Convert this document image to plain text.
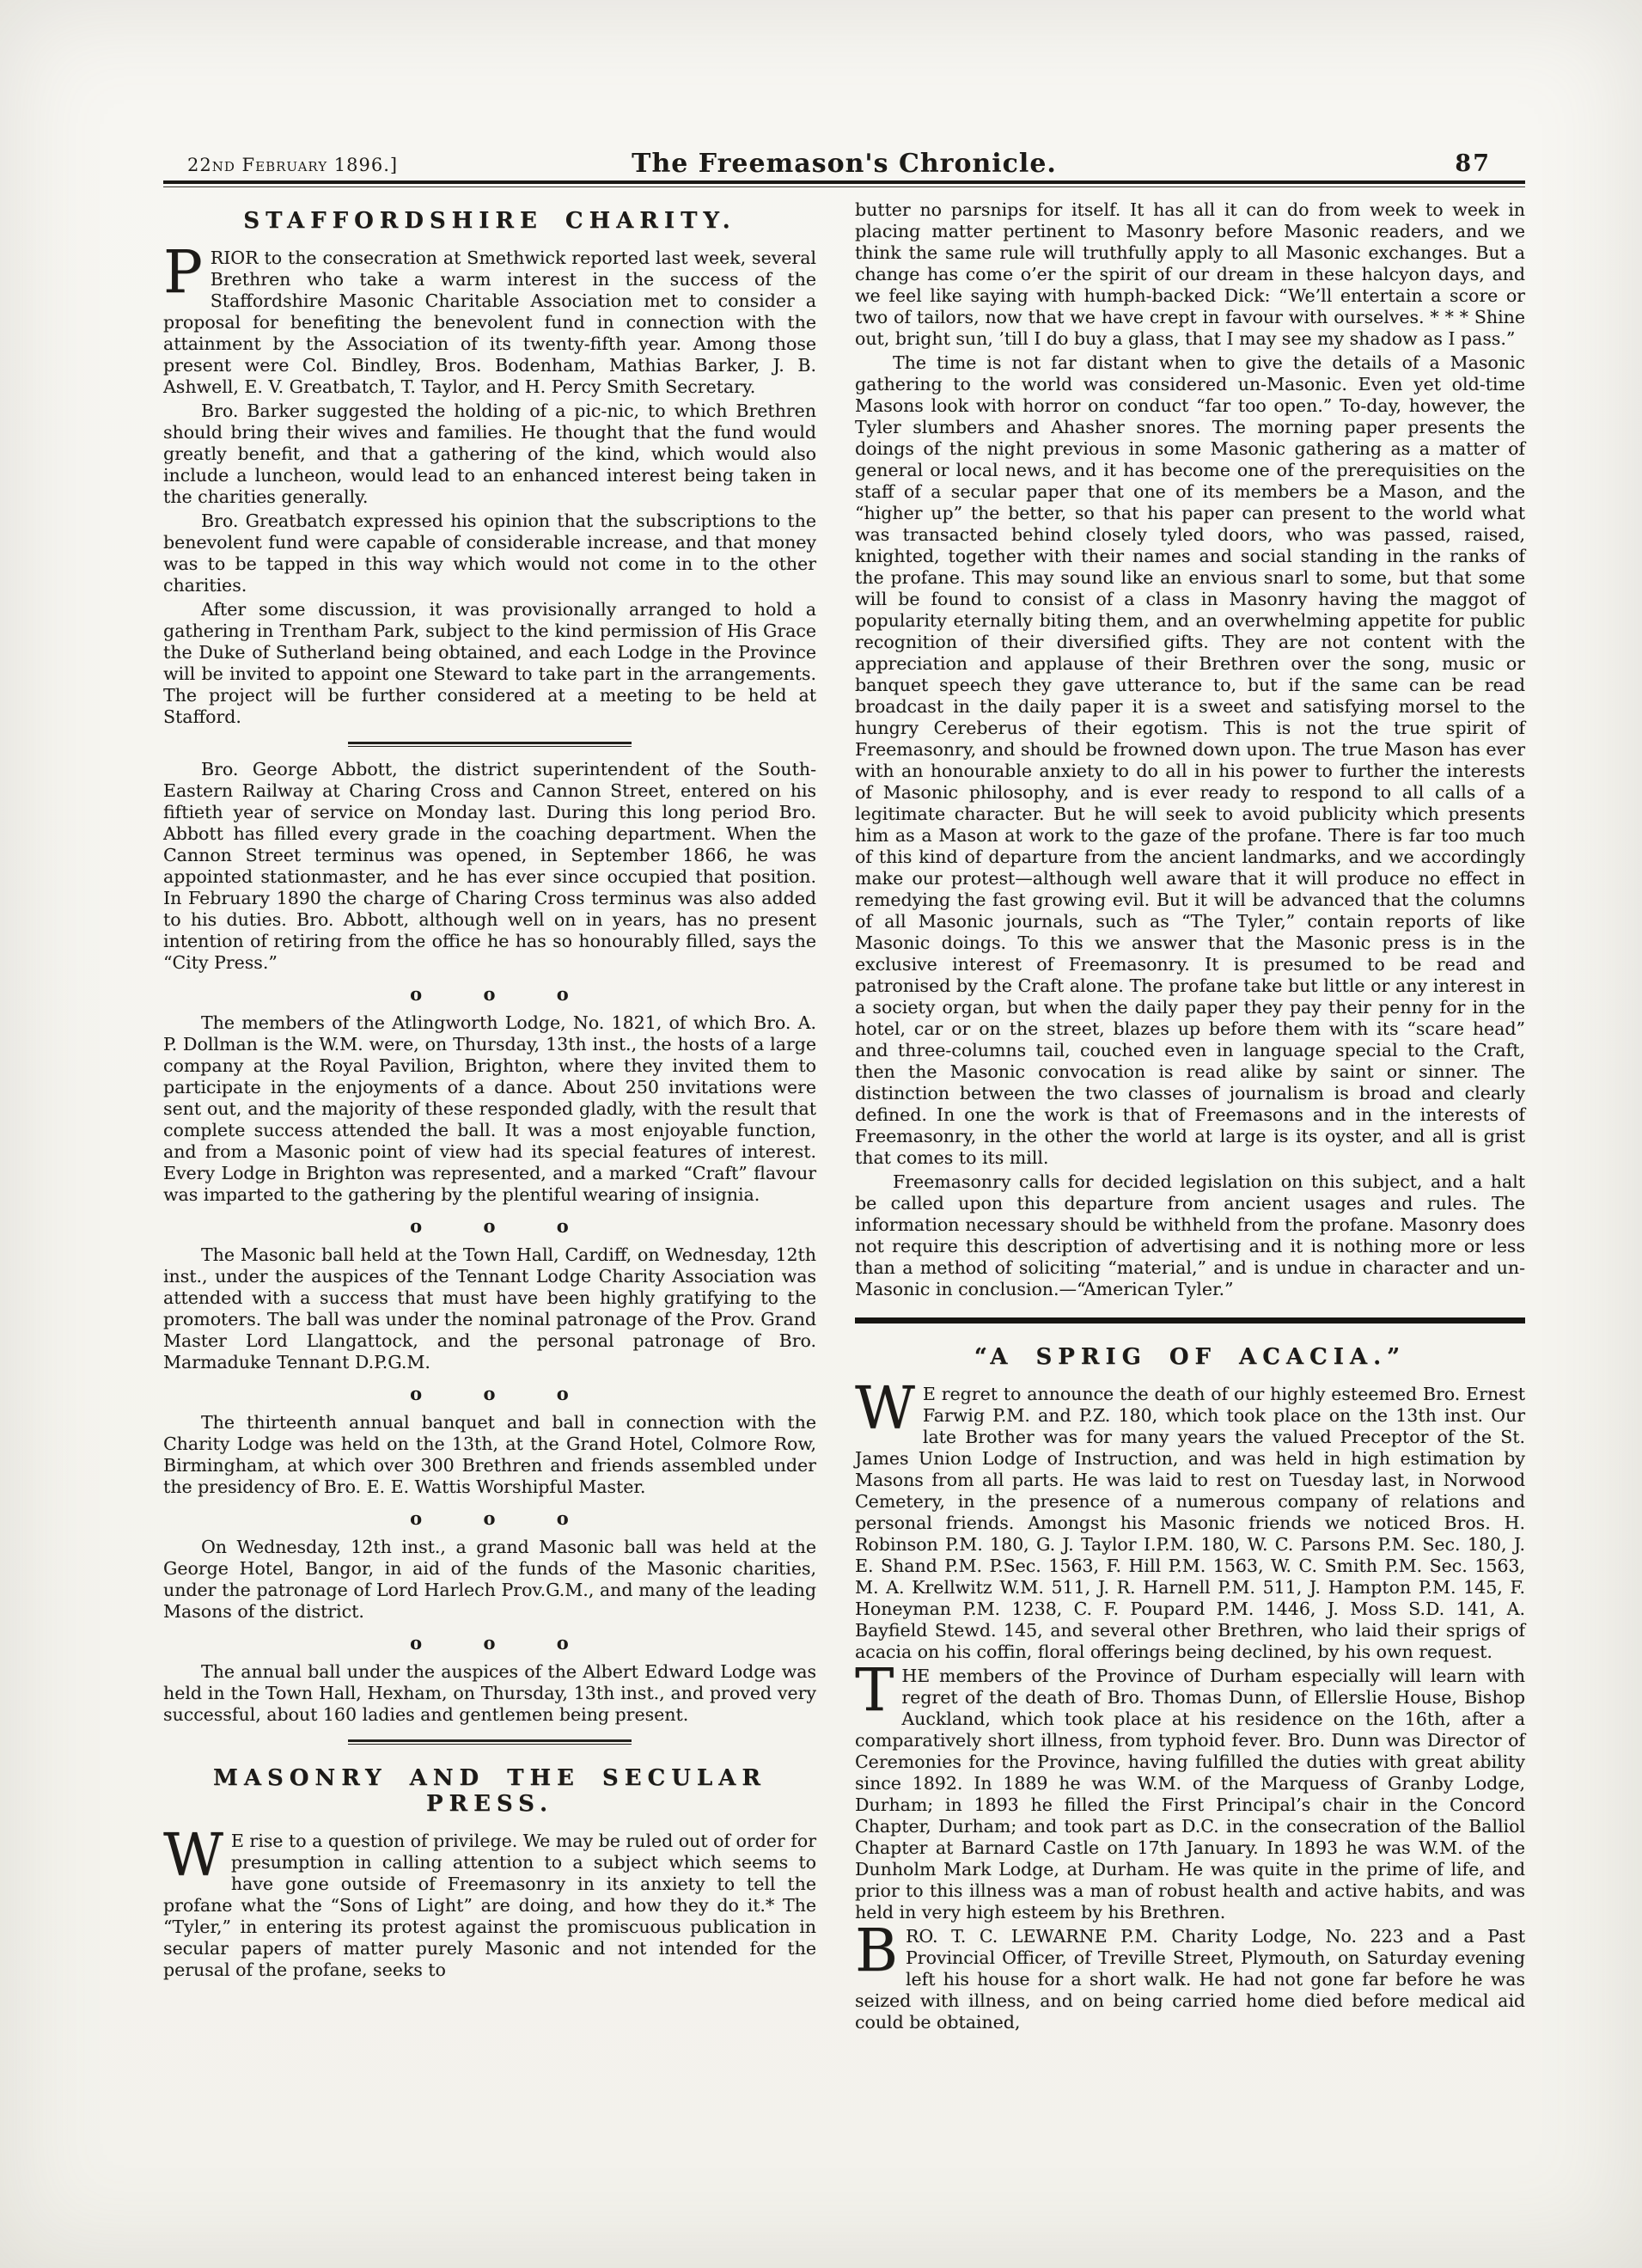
22nd February 1896.]	The Freemason's Chronicle.	87
STAFFORDSHIRE CHARITY.

PRIOR to the consecration at Smethwick reported last week, several Brethren who take a warm interest in the success of the Staffordshire Masonic Charitable Association met to consider a proposal for benefiting the benevolent fund in connection with the attainment by the Association of its twenty-fifth year. Among those present were Col. Bindley, Bros. Bodenham, Mathias Barker, J. B. Ashwell, E. V. Greatbatch, T. Taylor, and H. Percy Smith Secretary.

Bro. Barker suggested the holding of a pic-nic, to which Brethren should bring their wives and families. He thought that the fund would greatly benefit, and that a gathering of the kind, which would also include a luncheon, would lead to an enhanced interest being taken in the charities generally.

Bro. Greatbatch expressed his opinion that the subscriptions to the benevolent fund were capable of considerable increase, and that money was to be tapped in this way which would not come in to the other charities.

After some discussion, it was provisionally arranged to hold a gathering in Trentham Park, subject to the kind permission of His Grace the Duke of Sutherland being obtained, and each Lodge in the Province will be invited to appoint one Steward to take part in the arrangements. The project will be further considered at a meeting to be held at Stafford.

Bro. George Abbott, the district superintendent of the South-Eastern Railway at Charing Cross and Cannon Street, entered on his fiftieth year of service on Monday last. During this long period Bro. Abbott has filled every grade in the coaching department. When the Cannon Street terminus was opened, in September 1866, he was appointed stationmaster, and he has ever since occupied that position. In February 1890 the charge of Charing Cross terminus was also added to his duties. Bro. Abbott, although well on in years, has no present intention of retiring from the office he has so honourably filled, says the “City Press.”

o o o

The members of the Atlingworth Lodge, No. 1821, of which Bro. A. P. Dollman is the W.M. were, on Thursday, 13th inst., the hosts of a large company at the Royal Pavilion, Brighton, where they invited them to participate in the enjoyments of a dance. About 250 invitations were sent out, and the majority of these responded gladly, with the result that complete success attended the ball. It was a most enjoyable function, and from a Masonic point of view had its special features of interest. Every Lodge in Brighton was represented, and a marked “Craft” flavour was imparted to the gathering by the plentiful wearing of insignia.

o o o

The Masonic ball held at the Town Hall, Cardiff, on Wednesday, 12th inst., under the auspices of the Tennant Lodge Charity Association was attended with a success that must have been highly gratifying to the promoters. The ball was under the nominal patronage of the Prov. Grand Master Lord Llangattock, and the personal patronage of Bro. Marmaduke Tennant D.P.G.M.

o o o

The thirteenth annual banquet and ball in connection with the Charity Lodge was held on the 13th, at the Grand Hotel, Colmore Row, Birmingham, at which over 300 Brethren and friends assembled under the presidency of Bro. E. E. Wattis Worshipful Master.

o o o

On Wednesday, 12th inst., a grand Masonic ball was held at the George Hotel, Bangor, in aid of the funds of the Masonic charities, under the patronage of Lord Harlech Prov.G.M., and many of the leading Masons of the district.

o o o

The annual ball under the auspices of the Albert Edward Lodge was held in the Town Hall, Hexham, on Thursday, 13th inst., and proved very successful, about 160 ladies and gentlemen being present.

MASONRY AND THE SECULAR PRESS.

W E rise to a question of privilege. We may be ruled out of order for presumption in calling attention to a subject which seems to have gone outside of Freemasonry in its anxiety to tell the profane what the “Sons of Light” are doing, and how they do it.* The “Tyler,” in entering its protest against the promiscuous publication in secular papers of matter purely Masonic and not intended for the perusal of the profane, seeks to

butter no parsnips for itself. It has all it can do from week to week in placing matter pertinent to Masonry before Masonic readers, and we think the same rule will truthfully apply to all Masonic exchanges. But a change has come o’er the spirit of our dream in these halcyon days, and we feel like saying with humph-backed Dick: “We’ll entertain a score or two of tailors, now that we have crept in favour with ourselves. * * * Shine out, bright sun, ’till I do buy a glass, that I may see my shadow as I pass.”

The time is not far distant when to give the details of a Masonic gathering to the world was considered un-Masonic. Even yet old-time Masons look with horror on conduct “far too open.” To-day, however, the Tyler slumbers and Ahasher snores. The morning paper presents the doings of the night previous in some Masonic gathering as a matter of general or local news, and it has become one of the prerequisities on the staff of a secular paper that one of its members be a Mason, and the “higher up” the better, so that his paper can present to the world what was transacted behind closely tyled doors, who was passed, raised, knighted, together with their names and social standing in the ranks of the profane. This may sound like an envious snarl to some, but that some will be found to consist of a class in Masonry having the maggot of popularity eternally biting them, and an overwhelming appetite for public recognition of their diversified gifts. They are not content with the appreciation and applause of their Brethren over the song, music or banquet speech they gave utterance to, but if the same can be read broadcast in the daily paper it is a sweet and satisfying morsel to the hungry Cereberus of their egotism. This is not the true spirit of Freemasonry, and should be frowned down upon. The true Mason has ever with an honourable anxiety to do all in his power to further the interests of Masonic philosophy, and is ever ready to respond to all calls of a legitimate character. But he will seek to avoid publicity which presents him as a Mason at work to the gaze of the profane. There is far too much of this kind of departure from the ancient landmarks, and we accordingly make our protest—although well aware that it will produce no effect in remedying the fast growing evil. But it will be advanced that the columns of all Masonic journals, such as “The Tyler,” contain reports of like Masonic doings. To this we answer that the Masonic press is in the exclusive interest of Freemasonry. It is presumed to be read and patronised by the Craft alone. The profane take but little or any interest in a society organ, but when the daily paper they pay their penny for in the hotel, car or on the street, blazes up before them with its “scare head” and three-columns tail, couched even in language special to the Craft, then the Masonic convocation is read alike by saint or sinner. The distinction between the two classes of journalism is broad and clearly defined. In one the work is that of Freemasons and in the interests of Freemasonry, in the other the world at large is its oyster, and all is grist that comes to its mill.

Freemasonry calls for decided legislation on this subject, and a halt be called upon this departure from ancient usages and rules. The information necessary should be withheld from the profane. Masonry does not require this description of advertising and it is nothing more or less than a method of soliciting “material,” and is undue in character and un-Masonic in conclusion.—“American Tyler.”

“A SPRIG OF ACACIA.”

W E regret to announce the death of our highly esteemed Bro. Ernest Farwig P.M. and P.Z. 180, which took place on the 13th inst. Our late Brother was for many years the valued Preceptor of the St. James Union Lodge of Instruction, and was held in high estimation by Masons from all parts. He was laid to rest on Tuesday last, in Norwood Cemetery, in the presence of a numerous company of relations and personal friends. Amongst his Masonic friends we noticed Bros. H. Robinson P.M. 180, G. J. Taylor I.P.M. 180, W. C. Parsons P.M. Sec. 180, J. E. Shand P.M. P.Sec. 1563, F. Hill P.M. 1563, W. C. Smith P.M. Sec. 1563, M. A. Krellwitz W.M. 511, J. R. Harnell P.M. 511, J. Hampton P.M. 145, F. Honeyman P.M. 1238, C. F. Poupard P.M. 1446, J. Moss S.D. 141, A. Bayfield Stewd. 145, and several other Brethren, who laid their sprigs of acacia on his coffin, floral offerings being declined, by his own request.

THE members of the Province of Durham especially will learn with regret of the death of Bro. Thomas Dunn, of Ellerslie House, Bishop Auckland, which took place at his residence on the 16th, after a comparatively short illness, from typhoid fever. Bro. Dunn was Director of Ceremonies for the Province, having fulfilled the duties with great ability since 1892. In 1889 he was W.M. of the Marquess of Granby Lodge, Durham; in 1893 he filled the First Principal’s chair in the Concord Chapter, Durham; and took part as D.C. in the consecration of the Balliol Chapter at Barnard Castle on 17th January. In 1893 he was W.M. of the Dunholm Mark Lodge, at Durham. He was quite in the prime of life, and prior to this illness was a man of robust health and active habits, and was held in very high esteem by his Brethren.

BRO. T. C. LEWARNE P.M. Charity Lodge, No. 223 and a Past Provincial Officer, of Treville Street, Plymouth, on Saturday evening left his house for a short walk. He had not gone far before he was seized with illness, and on being carried home died before medical aid could be obtained,
